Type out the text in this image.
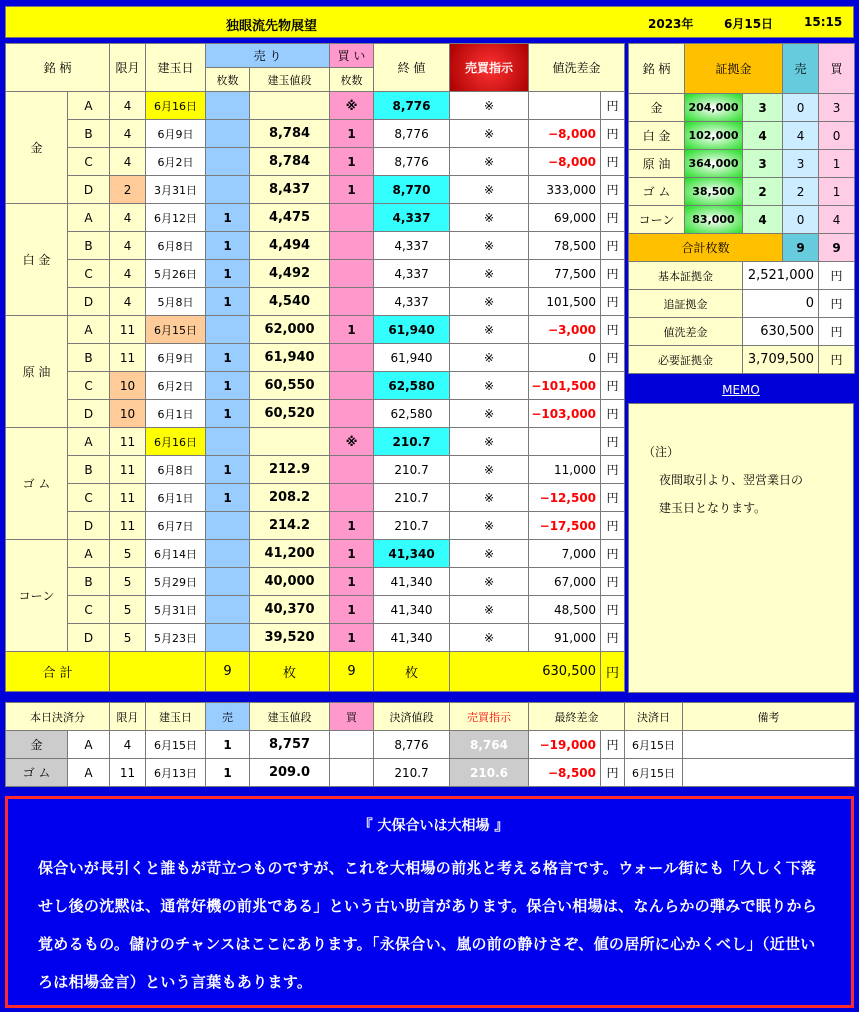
独眼流先物展望	2023年	6月15日	15:15
銘 柄		限月	建玉日	売 り		買 い	終 値	売買指示	値洗差金	
				枚数	建玉値段	枚数				
金	A	4	6月16日			※	8,776	※		円
	B	4	6月9日		8,784	1	8,776	※	−8,000	円
	C	4	6月2日		8,784	1	8,776	※	−8,000	円
	D	2	3月31日		8,437	1	8,770	※	333,000	円
白 金	A	4	6月12日	1	4,475		4,337	※	69,000	円
	B	4	6月8日	1	4,494		4,337	※	78,500	円
	C	4	5月26日	1	4,492		4,337	※	77,500	円
	D	4	5月8日	1	4,540		4,337	※	101,500	円
原 油	A	11	6月15日		62,000	1	61,940	※	−3,000	円
	B	11	6月9日	1	61,940		61,940	※	0	円
	C	10	6月2日	1	60,550		62,580	※	−101,500	円
	D	10	6月1日	1	60,520		62,580	※	−103,000	円
ゴ ム	A	11	6月16日			※	210.7	※		円
	B	11	6月8日	1	212.9		210.7	※	11,000	円
	C	11	6月1日	1	208.2		210.7	※	−12,500	円
	D	11	6月7日		214.2	1	210.7	※	−17,500	円
コーン	A	5	6月14日		41,200	1	41,340	※	7,000	円
	B	5	5月29日		40,000	1	41,340	※	67,000	円
	C	5	5月31日		40,370	1	41,340	※	48,500	円
	D	5	5月23日		39,520	1	41,340	※	91,000	円
合 計				9	枚	9	枚	630,500		円
銘 柄	証拠金		売	買
金	204,000	3	0	3
白 金	102,000	4	4	0
原 油	364,000	3	3	1
ゴ ム	38,500	2	2	1
コーン	83,000	4	0	4
合計枚数			9	9
基本証拠金		2,521,000		円
追証拠金		0		円
値洗差金		630,500		円
必要証拠金		3,709,500		円
MEMO
（注）
夜間取引より、翌営業日の
建玉日となります。
本日決済分		限月	建玉日	売	建玉値段	買	決済値段	売買指示	最終差金		決済日	備考
金	A	4	6月15日	1	8,757		8,776	8,764	−19,000	円	6月15日	
ゴ ム	A	11	6月13日	1	209.0		210.7	210.6	−8,500	円	6月15日	
『 大保合いは大相場 』
保合いが長引くと誰もが苛立つものですが、これを大相場の前兆と考える格言です。ウォール街にも「久しく下落せし後の沈黙は、通常好機の前兆である」という古い助言があります。保合い相場は、なんらかの弾みで眠りから覚めるもの。儲けのチャンスはここにあります。「永保合い、嵐の前の静けさぞ、値の居所に心かくべし」（近世いろは相場金言）という言葉もあります。
